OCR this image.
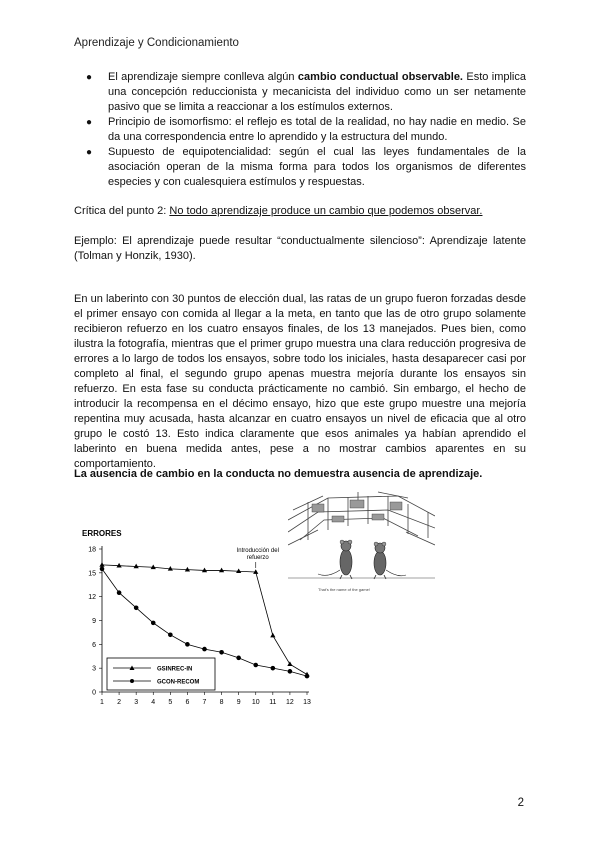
Aprendizaje y Condicionamiento
● El aprendizaje siempre conlleva algún cambio conductual observable. Esto implica una concepción reduccionista y mecanicista del individuo como un ser netamente pasivo que se limita a reaccionar a los estímulos externos.
● Principio de isomorfismo: el reflejo es total de la realidad, no hay nadie en medio. Se da una correspondencia entre lo aprendido y la estructura del mundo.
● Supuesto de equipotencialidad: según el cual las leyes fundamentales de la asociación operan de la misma forma para todos los organismos de diferentes especies y con cualesquiera estímulos y respuestas.

Crítica del punto 2: No todo aprendizaje produce un cambio que podemos observar.

Ejemplo: El aprendizaje puede resultar “conductualmente silencioso”: Aprendizaje latente (Tolman y Honzik, 1930).

En un laberinto con 30 puntos de elección dual, las ratas de un grupo fueron forzadas desde el primer ensayo con comida al llegar a la meta, en tanto que las de otro grupo solamente recibieron refuerzo en los cuatro ensayos finales, de los 13 manejados. Pues bien, como ilustra la fotografía, mientras que el primer grupo muestra una clara reducción progresiva de errores a lo largo de todos los ensayos, sobre todo los iniciales, hasta desaparecer casi por completo al final, el segundo grupo apenas muestra mejoría durante los ensayos sin refuerzo. En esta fase su conducta prácticamente no cambió. Sin embargo, el hecho de introducir la recompensa en el décimo ensayo, hizo que este grupo muestre una mejoría repentina muy acusada, hasta alcanzar en cuatro ensayos un nivel de eficacia que al otro grupo le costó 13. Esto indica claramente que esos animales ya habían aprendido el laberinto en buena medida antes, pese a no mostrar cambios aparentes en su comportamiento.

La ausencia de cambio en la conducta no demuestra ausencia de aprendizaje.

ERRORES
0
3
6
9
12
15
18
1 2 3 4 5 6 7 8 9 10 11 12 13
Introducción del
refuerzo
GSINREC-IN
GCON-RECOM
That's the name of the game!
2
